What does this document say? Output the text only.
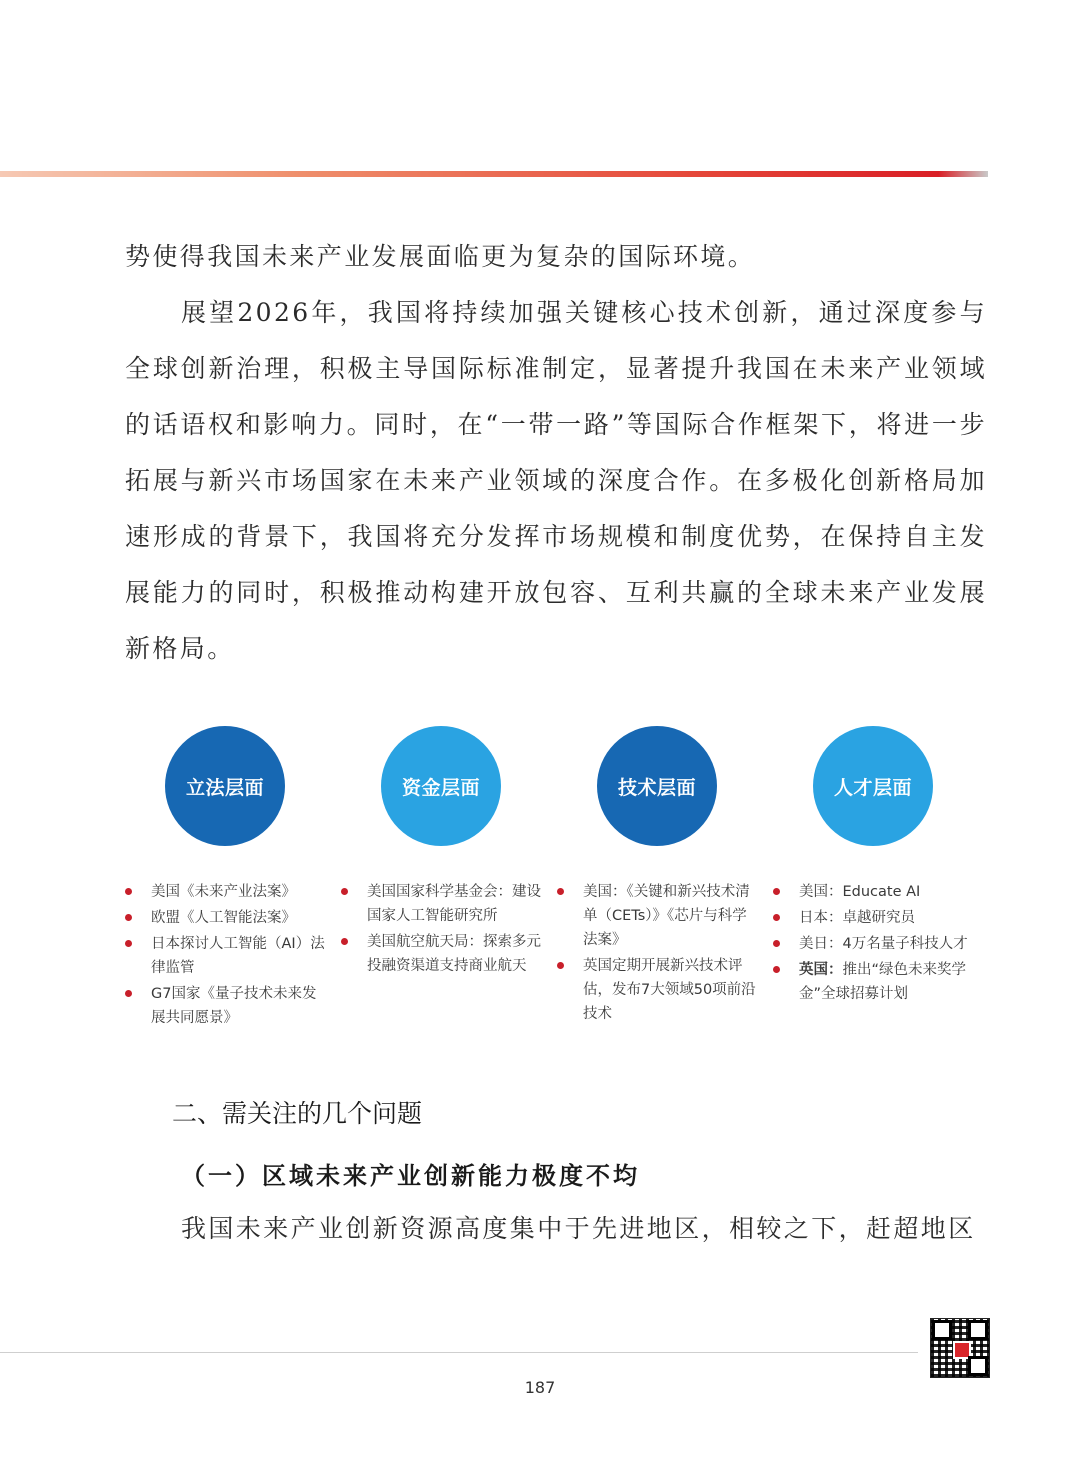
势使得我国未来产业发展面临更为复杂的国际环境。

展望2026年，我国将持续加强关键核心技术创新，通过深度参与全球创新治理，积极主导国际标准制定，显著提升我国在未来产业领域的话语权和影响力。同时，在“一带一路”等国际合作框架下，将进一步拓展与新兴市场国家在未来产业领域的深度合作。在多极化创新格局加速形成的背景下，我国将充分发挥市场规模和制度优势，在保持自主发展能力的同时，积极推动构建开放包容、互利共赢的全球未来产业发展新格局。

立法层面
美国《未来产业法案》
欧盟《人工智能法案》
日本探讨人工智能（AI）法律监管
G7国家《量子技术未来发展共同愿景》
资金层面
美国国家科学基金会：建设国家人工智能研究所
美国航空航天局：探索多元投融资渠道支持商业航天
技术层面
美国：《关键和新兴技术清单（CETs）》《芯片与科学法案》
英国定期开展新兴技术评估，发布7大领域50项前沿技术
人才层面
美国：Educate AI
日本：卓越研究员
美日：4万名量子科技人才
英国：推出“绿色未来奖学金”全球招募计划
二、需关注的几个问题
（一）区域未来产业创新能力极度不均

我国未来产业创新资源高度集中于先进地区，相较之下，赶超地区

187
